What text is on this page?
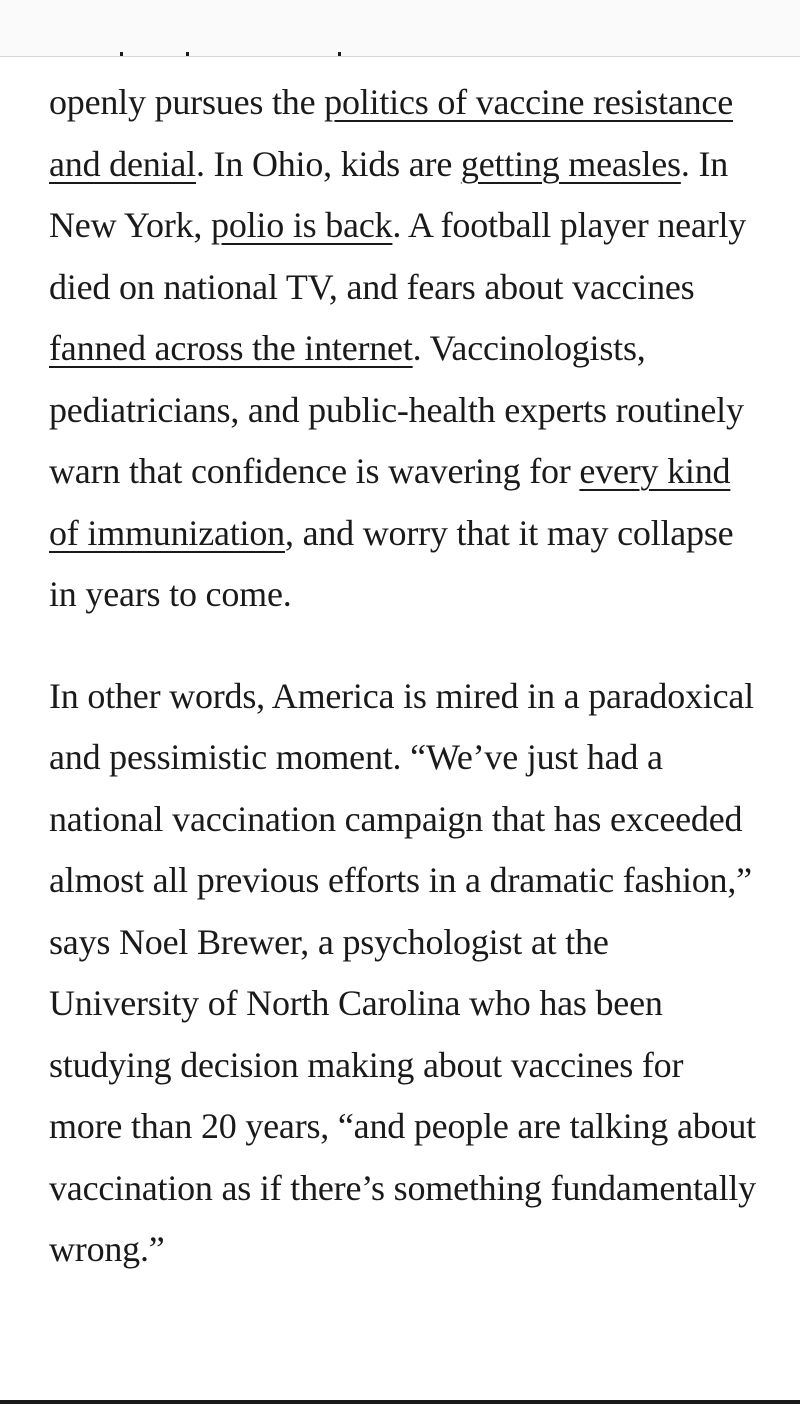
openly pursues the politics of vaccine resistance and denial. In Ohio, kids are getting measles. In New York, polio is back. A football player nearly died on national TV, and fears about vaccines fanned across the internet. Vaccinologists, pediatricians, and public-health experts routinely warn that confidence is wavering for every kind of immunization, and worry that it may collapse in years to come.

In other words, America is mired in a paradoxical and pessimistic moment. “We’ve just had a national vaccination campaign that has exceeded almost all previous efforts in a dramatic fashion,” says Noel Brewer, a psychologist at the University of North Carolina who has been studying decision making about vaccines for more than 20 years, “and people are talking about vaccination as if there’s something fundamentally wrong.”
